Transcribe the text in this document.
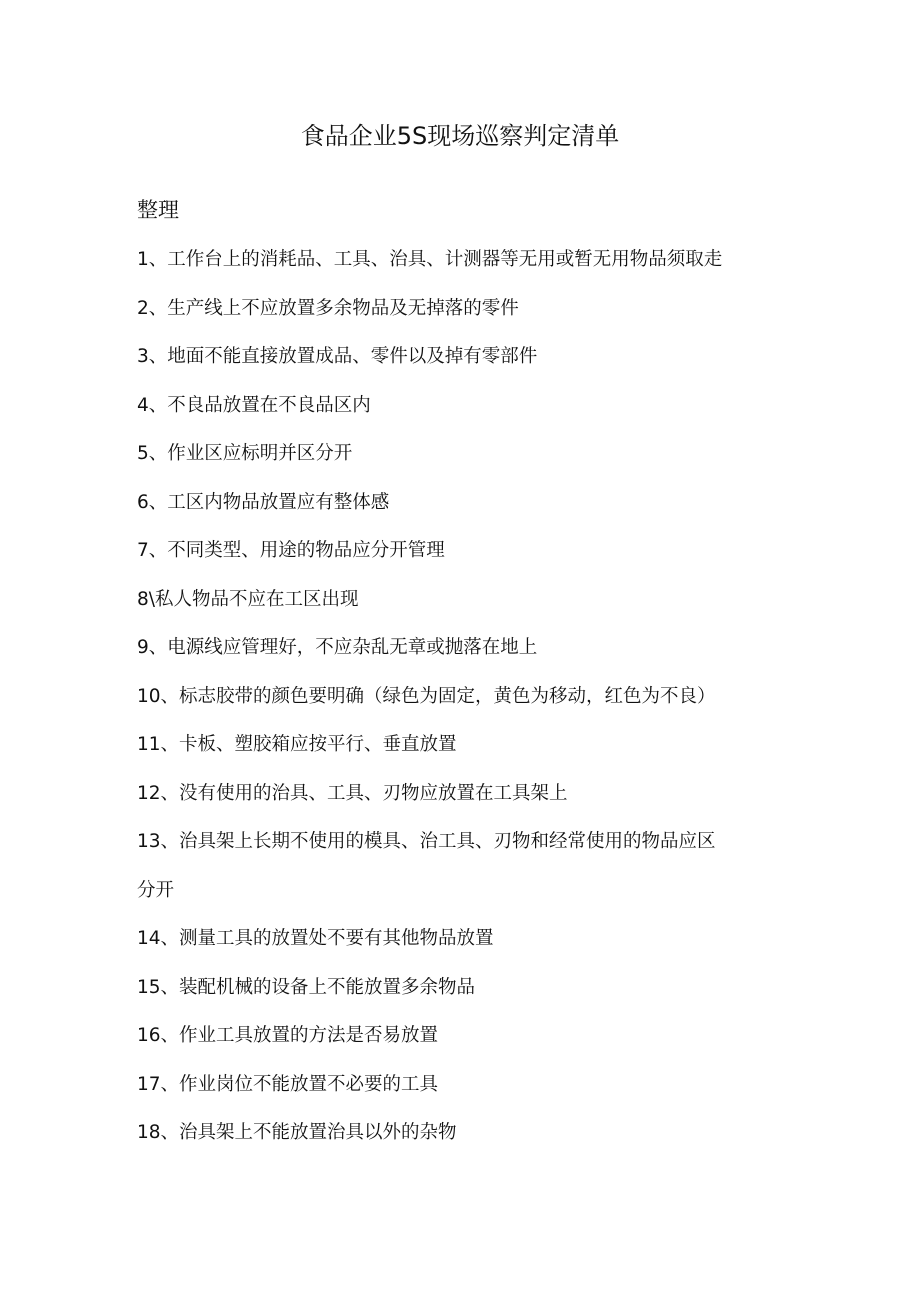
食品企业5S现场巡察判定清单
整理
1、工作台上的消耗品、工具、治具、计测器等无用或暂无用物品须取走
2、生产线上不应放置多余物品及无掉落的零件
3、地面不能直接放置成品、零件以及掉有零部件
4、不良品放置在不良品区内
5、作业区应标明并区分开
6、工区内物品放置应有整体感
7、不同类型、用途的物品应分开管理
8\私人物品不应在工区出现
9、电源线应管理好，不应杂乱无章或抛落在地上
10、标志胶带的颜色要明确（绿色为固定，黄色为移动，红色为不良）
11、卡板、塑胶箱应按平行、垂直放置
12、没有使用的治具、工具、刃物应放置在工具架上
13、治具架上长期不使用的模具、治工具、刃物和经常使用的物品应区
分开
14、测量工具的放置处不要有其他物品放置
15、装配机械的设备上不能放置多余物品
16、作业工具放置的方法是否易放置
17、作业岗位不能放置不必要的工具
18、治具架上不能放置治具以外的杂物
